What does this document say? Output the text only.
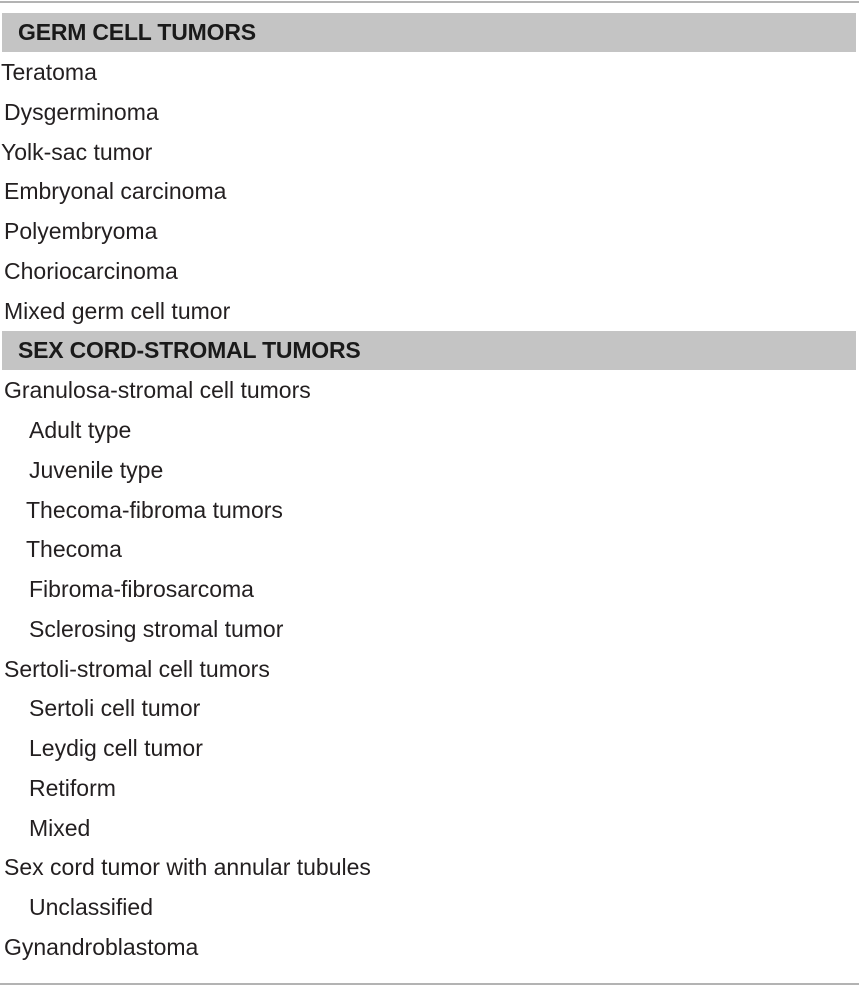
GERM CELL TUMORS
Teratoma
Dysgerminoma
Yolk-sac tumor
Embryonal carcinoma
Polyembryoma
Choriocarcinoma
Mixed germ cell tumor
SEX CORD-STROMAL TUMORS
Granulosa-stromal cell tumors
Adult type
Juvenile type
Thecoma-fibroma tumors
Thecoma
Fibroma-fibrosarcoma
Sclerosing stromal tumor
Sertoli-stromal cell tumors
Sertoli cell tumor
Leydig cell tumor
Retiform
Mixed
Sex cord tumor with annular tubules
Unclassified
Gynandroblastoma
